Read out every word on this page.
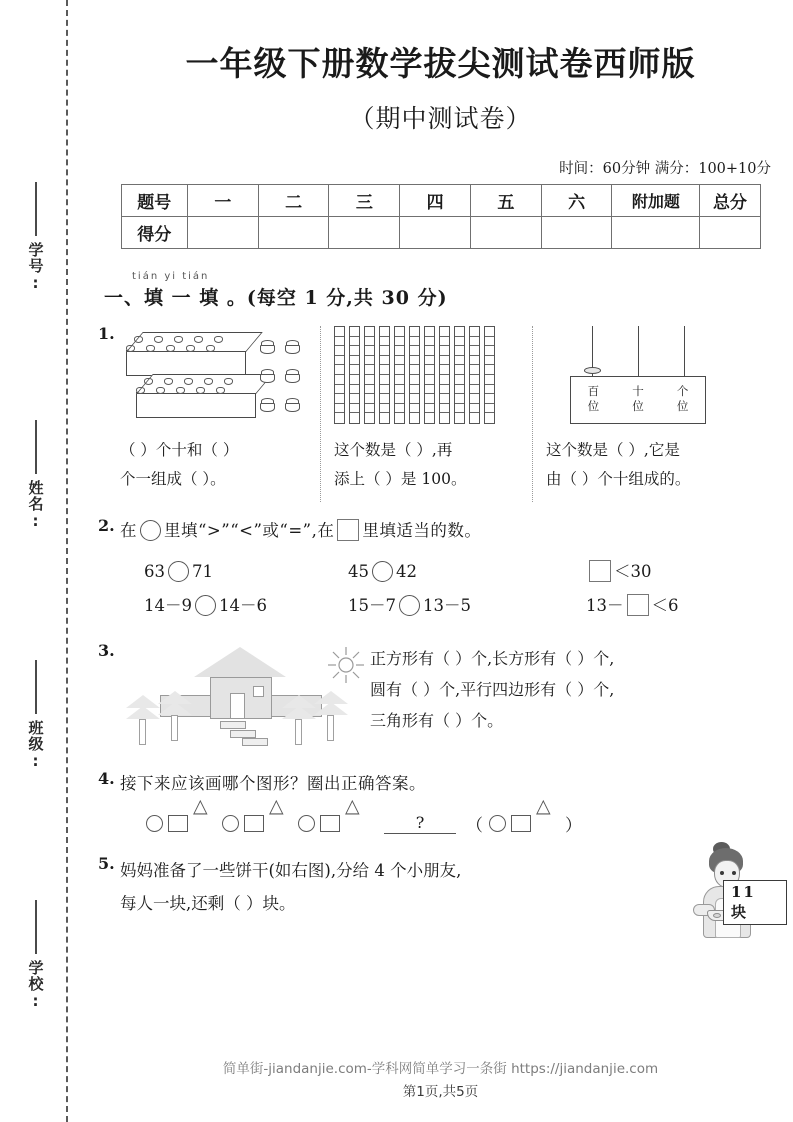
学号:
姓名:
班级:
学校:
一年级下册数学拔尖测试卷西师版
（期中测试卷）
时间：60分钟 满分：100+10分
题号	一	二	三	四	五	六	附加题	总分
得分								
tián yi tián
一、填 一 填 。(每空 1 分,共 30 分)
1.
（ ）个十和（ ）
个一组成（ ）。
这个数是（ ）,再
添上（ ）是 100。
百
位
十
位
个
位
这个数是（ ）,它是
由（ ）个十组成的。
2. 在 里填“>”“<”或“=”,在 里填适当的数。
63 71	45 42	＜30
14－9 14－6	15－7 13－5	13－ ＜6
3.	正方形有（ ）个,长方形有（ ）个,
圆有（ ）个,平行四边形有（ ）个,
三角形有（ ）个。
4. 接下来应该画哪个图形？圈出正确答案。
△
△
△
?	（ △	）
5. 妈妈准备了一些饼干(如右图),分给 4 个小朋友,
每人一块,还剩（ ）块。
11 块
简单街-jiandanjie.com-学科网简单学习一条街 https://jiandanjie.com
第1页,共5页
